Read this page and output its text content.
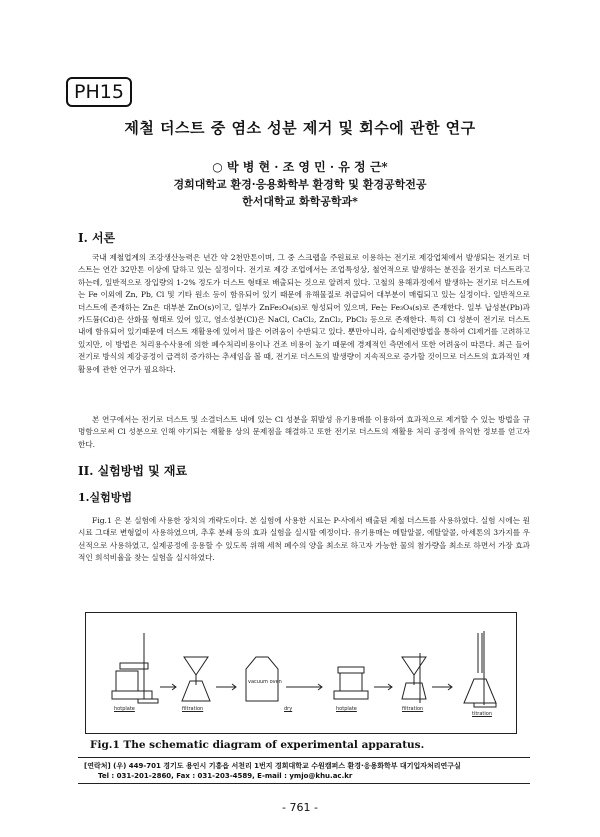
PH15
제철 더스트 중 염소 성분 제거 및 회수에 관한 연구
○ 박 병 현 · 조 영 민 · 유 정 근*
경희대학교 환경·응용화학부 환경학 및 환경공학전공
한서대학교 화학공학과*
I. 서론

국내 제철업계의 조강생산능력은 년간 약 2천만톤이며, 그 중 스크랩을 주원료로 이용하는 전기로 제강업체에서 발생되는 전기로 더스트는 연간 32만톤 이상에 달하고 있는 실정이다. 전기로 제강 조업에서는 조업특성상, 철연적으로 발생하는 분진을 전기로 더스트라고 하는데, 일반적으로 장입량의 1-2% 정도가 더스트 형태로 배출되는 것으로 알려져 있다. 고철의 용해과정에서 발생하는 전기로 더스트에는 Fe 이외에 Zn, Pb, Cl 및 기타 원소 등이 함유되어 있기 때문에 유해물질로 취급되어 대부분이 매립되고 있는 실정이다. 일반적으로 더스트에 존재하는 Zn은 대부분 ZnO(s)이고, 일부가 ZnFe₂O₄(s)로 형성되어 있으며, Fe는 Fe₃O₄(s)로 존재한다. 일부 납성분(Pb)과 카드뮴(Cd)은 산화물 형태로 있어 있고, 염소성분(Cl)은 NaCl, CaCl₂, ZnCl₂, PbCl₂ 등으로 존재한다. 특히 Cl 성분이 전기로 더스트 내에 함유되어 있기때문에 더스트 재활용에 있어서 많은 어려움이 수반되고 있다. 뿐만아니라, 습식제련방법을 통하여 Cl제거를 고려하고 있지만, 이 방법은 처리용수사용에 의한 폐수처리비용이나 건조 비용이 높기 때문에 경제적인 측면에서 또한 어려움이 따른다. 최근 들어 전기로 방식의 제강공정이 급격히 증가하는 추세임을 볼 때, 전기로 더스트의 발생량이 지속적으로 증가할 것이므로 더스트의 효과적인 재활용에 관한 연구가 필요하다.

본 연구에서는 전기로 더스트 및 소결더스트 내에 있는 Cl 성분을 휘발성 유기용매를 이용하여 효과적으로 제거할 수 있는 방법을 규명함으로써 Cl 성분으로 인해 야기되는 재활용 상의 문제점을 해결하고 또한 전기로 더스트의 재활용 처리 공정에 유익한 정보를 얻고자 한다.

II. 실험방법 및 재료
1.실험방법

Fig.1 은 본 실험에 사용한 장치의 개략도이다. 본 실험에 사용한 시료는 P-사에서 배출된 제철 더스트를 사용하였다. 실험 시에는 원시료 그대로 변형없이 사용하였으며, 추후 분쇄 등의 효과 실험을 실시할 예정이다. 유기용매는 메탈알콜, 에탈알콜, 아세톤의 3가지를 우선적으로 사용하였고, 실제공정에 응용할 수 있도록 위해 세척 폐수의 양을 최소로 하고자 가능한 물의 첨가량을 최소로 하면서 가장 효과적인 희석비율을 찾는 실험을 실시하였다.

hotplate	filtration	dry
vacuum oven
hotplate	filtration
titration
Fig.1 The schematic diagram of experimental apparatus.
[연락처] (우) 449-701 경기도 용인시 기흥읍 서천리 1번지 경희대학교 수원캠퍼스 환경·응용화학부 대기입자처리연구실
Tel : 031-201-2860, Fax : 031-203-4589, E-mail : ymjo@khu.ac.kr
- 761 -
